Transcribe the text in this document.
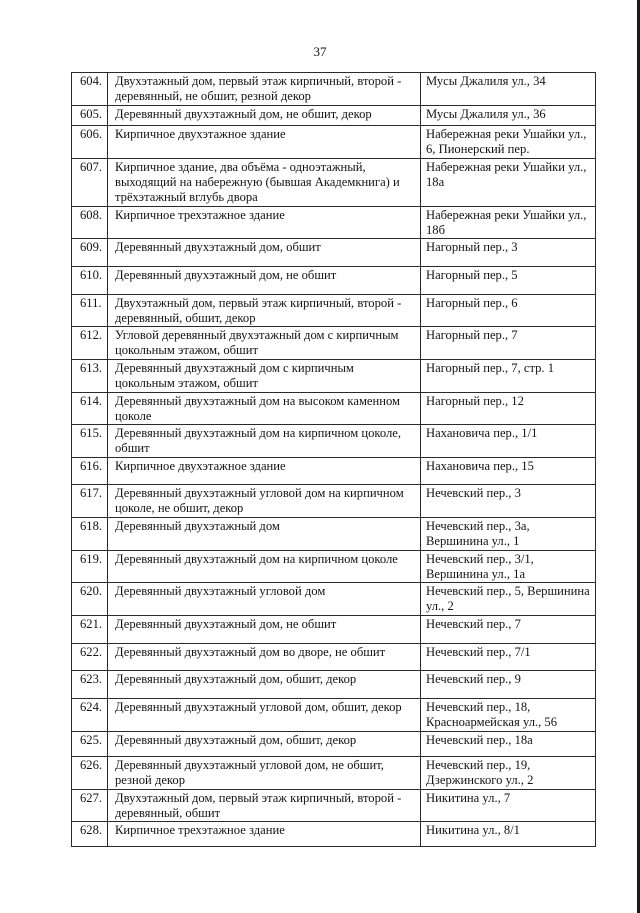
37
604.	Двухэтажный дом, первый этаж кирпичный, второй - деревянный, не обшит, резной декор	Мусы Джалиля ул., 34
605.	Деревянный двухэтажный дом, не обшит, декор	Мусы Джалиля ул., 36
606.	Кирпичное двухэтажное здание	Набережная реки Ушайки ул., 6, Пионерский пер.
607.	Кирпичное здание, два объёма - одноэтажный, выходящий на набережную (бывшая Академкнига) и трёхэтажный вглубь двора	Набережная реки Ушайки ул., 18а
608.	Кирпичное трехэтажное здание	Набережная реки Ушайки ул., 18б
609.	Деревянный двухэтажный дом, обшит	Нагорный пер., 3
610.	Деревянный двухэтажный дом, не обшит	Нагорный пер., 5
611.	Двухэтажный дом, первый этаж кирпичный, второй - деревянный, обшит, декор	Нагорный пер., 6
612.	Угловой деревянный двухэтажный дом с кирпичным цокольным этажом, обшит	Нагорный пер., 7
613.	Деревянный двухэтажный дом с кирпичным цокольным этажом, обшит	Нагорный пер., 7, стр. 1
614.	Деревянный двухэтажный дом на высоком каменном цоколе	Нагорный пер., 12
615.	Деревянный двухэтажный дом на кирпичном цоколе, обшит	Нахановича пер., 1/1
616.	Кирпичное двухэтажное здание	Нахановича пер., 15
617.	Деревянный двухэтажный угловой дом на кирпичном цоколе, не обшит, декор	Нечевский пер., 3
618.	Деревянный двухэтажный дом	Нечевский пер., 3а, Вершинина ул., 1
619.	Деревянный двухэтажный дом на кирпичном цоколе	Нечевский пер., 3/1, Вершинина ул., 1а
620.	Деревянный двухэтажный угловой дом	Нечевский пер., 5, Вершинина ул., 2
621.	Деревянный двухэтажный дом, не обшит	Нечевский пер., 7
622.	Деревянный двухэтажный дом во дворе, не обшит	Нечевский пер., 7/1
623.	Деревянный двухэтажный дом, обшит, декор	Нечевский пер., 9
624.	Деревянный двухэтажный угловой дом, обшит, декор	Нечевский пер., 18, Красноармейская ул., 56
625.	Деревянный двухэтажный дом, обшит, декор	Нечевский пер., 18а
626.	Деревянный двухэтажный угловой дом, не обшит, резной декор	Нечевский пер., 19, Дзержинского ул., 2
627.	Двухэтажный дом, первый этаж кирпичный, второй - деревянный, обшит	Никитина ул., 7
628.	Кирпичное трехэтажное здание	Никитина ул., 8/1
